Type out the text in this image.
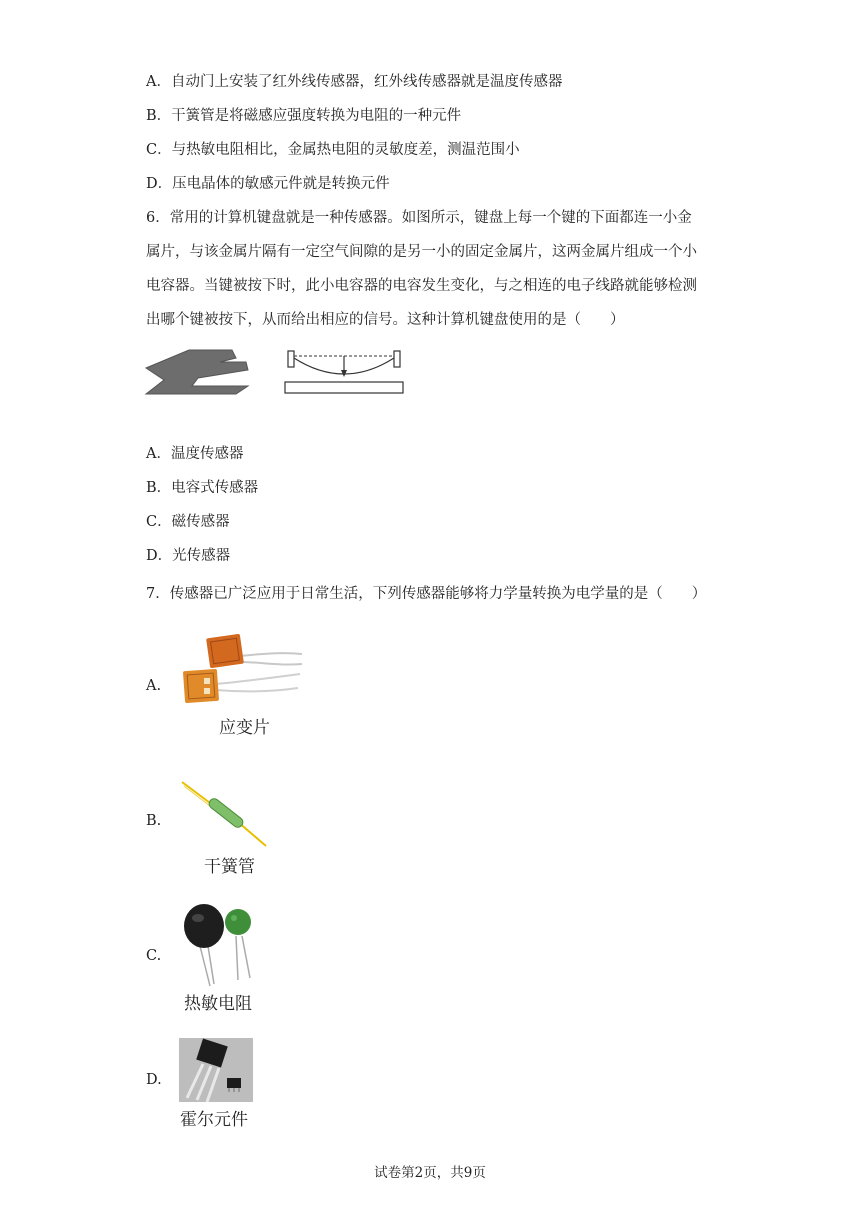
A．自动门上安装了红外线传感器，红外线传感器就是温度传感器
B．干簧管是将磁感应强度转换为电阻的一种元件
C．与热敏电阻相比，金属热电阻的灵敏度差，测温范围小
D．压电晶体的敏感元件就是转换元件
6．常用的计算机键盘就是一种传感器。如图所示，键盘上每一个键的下面都连一小金
属片，与该金属片隔有一定空气间隙的是另一小的固定金属片，这两金属片组成一个小
电容器。当键被按下时，此小电容器的电容发生变化，与之相连的电子线路就能够检测
出哪个键被按下，从而给出相应的信号。这种计算机键盘使用的是（　　）
A．温度传感器
B．电容式传感器
C．磁传感器
D．光传感器
7．传感器已广泛应用于日常生活，下列传感器能够将力学量转换为电学量的是（　　）
A.
应变片
B.
干簧管
C.
热敏电阻
D.
霍尔元件
试卷第2页，共9页
